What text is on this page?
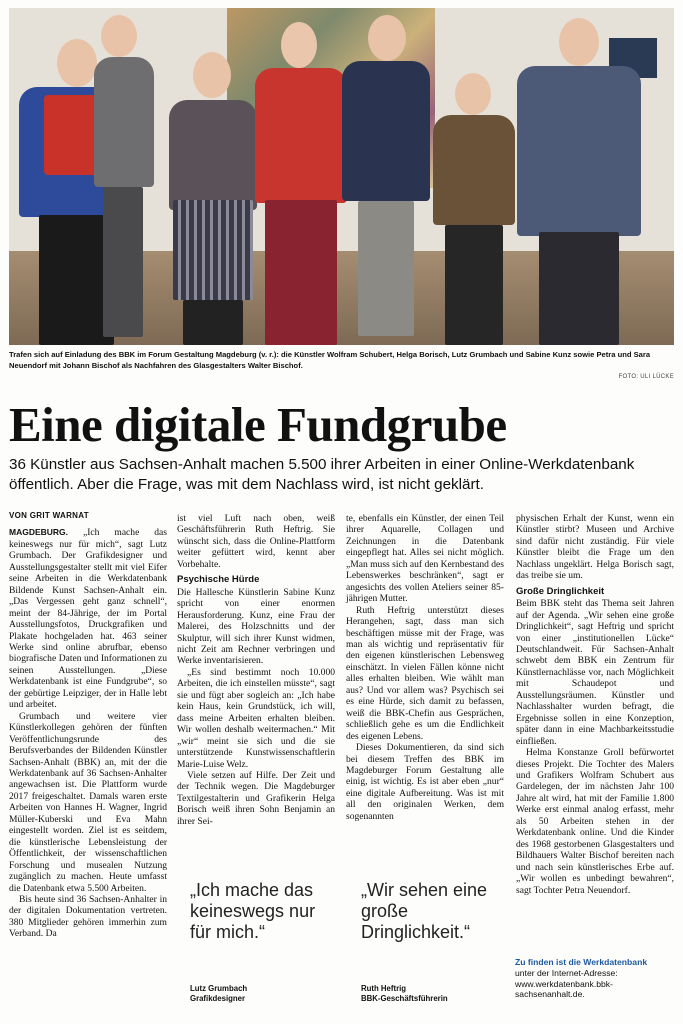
Trafen sich auf Einladung des BBK im Forum Gestaltung Magdeburg (v. r.): die Künstler Wolfram Schubert, Helga Borisch, Lutz Grumbach und Sabine Kunz sowie Petra und Sara Neuendorf mit Johann Bischof als Nachfahren des Glasgestalters Walter Bischof.
FOTO: ULI LÜCKE
Eine digitale Fundgrube
36 Künstler aus Sachsen-Anhalt machen 5.500 ihrer Arbeiten in einer Online-Werkdatenbank öffentlich. Aber die Frage, was mit dem Nachlass wird, ist nicht geklärt.
VON GRIT WARNAT

MAGDEBURG. „Ich mache das keineswegs nur für mich“, sagt Lutz Grumbach. Der Grafikdesigner und Ausstellungsgestalter stellt mit viel Eifer seine Arbeiten in die Werkdatenbank Bildende Kunst Sachsen-Anhalt ein. „Das Vergessen geht ganz schnell“, meint der 84-Jährige, der im Portal Ausstellungsfotos, Druckgrafiken und Plakate hochgeladen hat. 463 seiner Werke sind online abrufbar, ebenso biografische Daten und Informationen zu seinen Ausstellungen. „Diese Werkdatenbank ist eine Fundgrube“, so der gebürtige Leipziger, der in Halle lebt und arbeitet.

Grumbach und weitere vier Künstlerkollegen gehören der fünften Veröffentlichungsrunde des Berufsverbandes der Bildenden Künstler Sachsen-Anhalt (BBK) an, mit der die Werkdatenbank auf 36 Sachsen-Anhalter angewachsen ist. Die Plattform wurde 2017 freigeschaltet. Damals waren erste Arbeiten von Hannes H. Wagner, Ingrid Müller-Kuberski und Eva Mahn eingestellt worden. Ziel ist es seitdem, die künstlerische Lebensleistung der Öffentlichkeit, der wissenschaftlichen Forschung und musealen Nutzung zugänglich zu machen. Heute umfasst die Datenbank etwa 5.500 Arbeiten.

Bis heute sind 36 Sachsen-Anhalter in der digitalen Dokumentation vertreten. 380 Mitglieder gehören immerhin zum Verband. Da

ist viel Luft nach oben, weiß Geschäftsführerin Ruth Heftrig. Sie wünscht sich, dass die Online-Plattform weiter gefüttert wird, kennt aber Vorbehalte.

Psychische Hürde

Die Hallesche Künstlerin Sabine Kunz spricht von einer enormen Herausforderung. Kunz, eine Frau der Malerei, des Holzschnitts und der Skulptur, will sich ihrer Kunst widmen, nicht Zeit am Rechner verbringen und Werke inventarisieren.

„Es sind bestimmt noch 10.000 Arbeiten, die ich einstellen müsste“, sagt sie und fügt aber sogleich an: „Ich habe kein Haus, kein Grundstück, ich will, dass meine Arbeiten erhalten bleiben. Wir wollen deshalb weitermachen.“ Mit „wir“ meint sie sich und die sie unterstützende Kunstwissenschaftlerin Marie-Luise Welz.

Viele setzen auf Hilfe. Der Zeit und der Technik wegen. Die Magdeburger Textilgestalterin und Grafikerin Helga Borisch weiß ihren Sohn Benjamin an ihrer Sei-

te, ebenfalls ein Künstler, der einen Teil ihrer Aquarelle, Collagen und Zeichnungen in die Datenbank eingepflegt hat. Alles sei nicht möglich. „Man muss sich auf den Kernbestand des Lebenswerkes beschränken“, sagt er angesichts des vollen Ateliers seiner 85-jährigen Mutter.

Ruth Heftrig unterstützt dieses Herangehen, sagt, dass man sich beschäftigen müsse mit der Frage, was man als wichtig und repräsentativ für den eigenen künstlerischen Lebensweg einschätzt. In vielen Fällen könne nicht alles erhalten bleiben. Wie wählt man aus? Und vor allem was? Psychisch sei es eine Hürde, sich damit zu befassen, weiß die BBK-Chefin aus Gesprächen, schließlich gehe es um die Endlichkeit des eigenen Lebens.

Dieses Dokumentieren, da sind sich bei diesem Treffen des BBK im Magdeburger Forum Gestaltung alle einig, ist wichtig. Es ist aber eben „nur“ eine digitale Aufbereitung. Was ist mit all den originalen Werken, dem sogenannten

physischen Erhalt der Kunst, wenn ein Künstler stirbt? Museen und Archive sind dafür nicht zuständig. Für viele Künstler bleibt die Frage um den Nachlass ungeklärt. Helga Borisch sagt, das treibe sie um.

Große Dringlichkeit

Beim BBK steht das Thema seit Jahren auf der Agenda. „Wir sehen eine große Dringlichkeit“, sagt Heftrig und spricht von einer „institutionellen Lücke“ Deutschlandweit. Für Sachsen-Anhalt schwebt dem BBK ein Zentrum für Künstlernachlässe vor, nach Möglichkeit mit Schaudepot und Ausstellungsräumen. Künstler und Nachlasshalter wurden befragt, die Ergebnisse sollen in eine Konzeption, später dann in eine Machbarkeitsstudie einfließen.

Helma Konstanze Groll befürwortet dieses Projekt. Die Tochter des Malers und Grafikers Wolfram Schubert aus Gardelegen, der im nächsten Jahr 100 Jahre alt wird, hat mit der Familie 1.800 Werke erst einmal analog erfasst, mehr als 50 Arbeiten stehen in der Werkdatenbank online. Und die Kinder des 1968 gestorbenen Glasgestalters und Bildhauers Walter Bischof bereiten nach und nach sein künstlerisches Erbe auf. „Wir wollen es unbedingt bewahren“, sagt Tochter Petra Neuendorf.

„Ich mache das keineswegs nur für mich.“
Lutz Grumbach
Grafikdesigner
„Wir sehen eine große Dringlichkeit.“
Ruth Heftrig
BBK-Geschäftsführerin
Zu finden ist die Werkdatenbank
unter der Internet-Adresse:
www.werkdatenbank.bbk-
sachsenanhalt.de.
